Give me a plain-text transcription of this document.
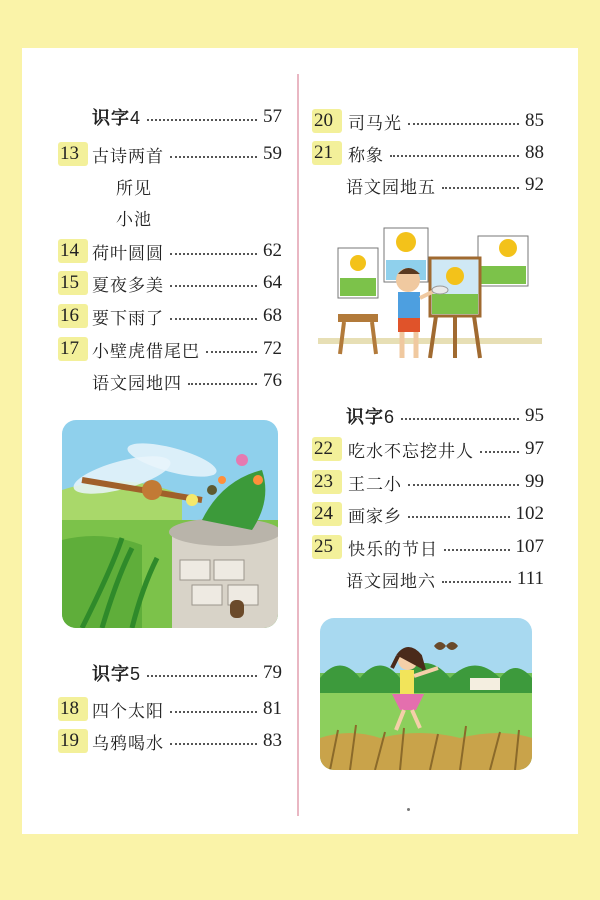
识字4	57
13 古诗两首	59
所见
小池
14 荷叶圆圆	62
15 夏夜多美	64
16 要下雨了	68
17 小壁虎借尾巴	72
语文园地四	76
识字5	79
18 四个太阳	81
19 乌鸦喝水	83
20 司马光	85
21 称象	88
语文园地五	92
识字6	95
22 吃水不忘挖井人	97
23 王二小	99
24 画家乡	102
25 快乐的节日	107
语文园地六	111
